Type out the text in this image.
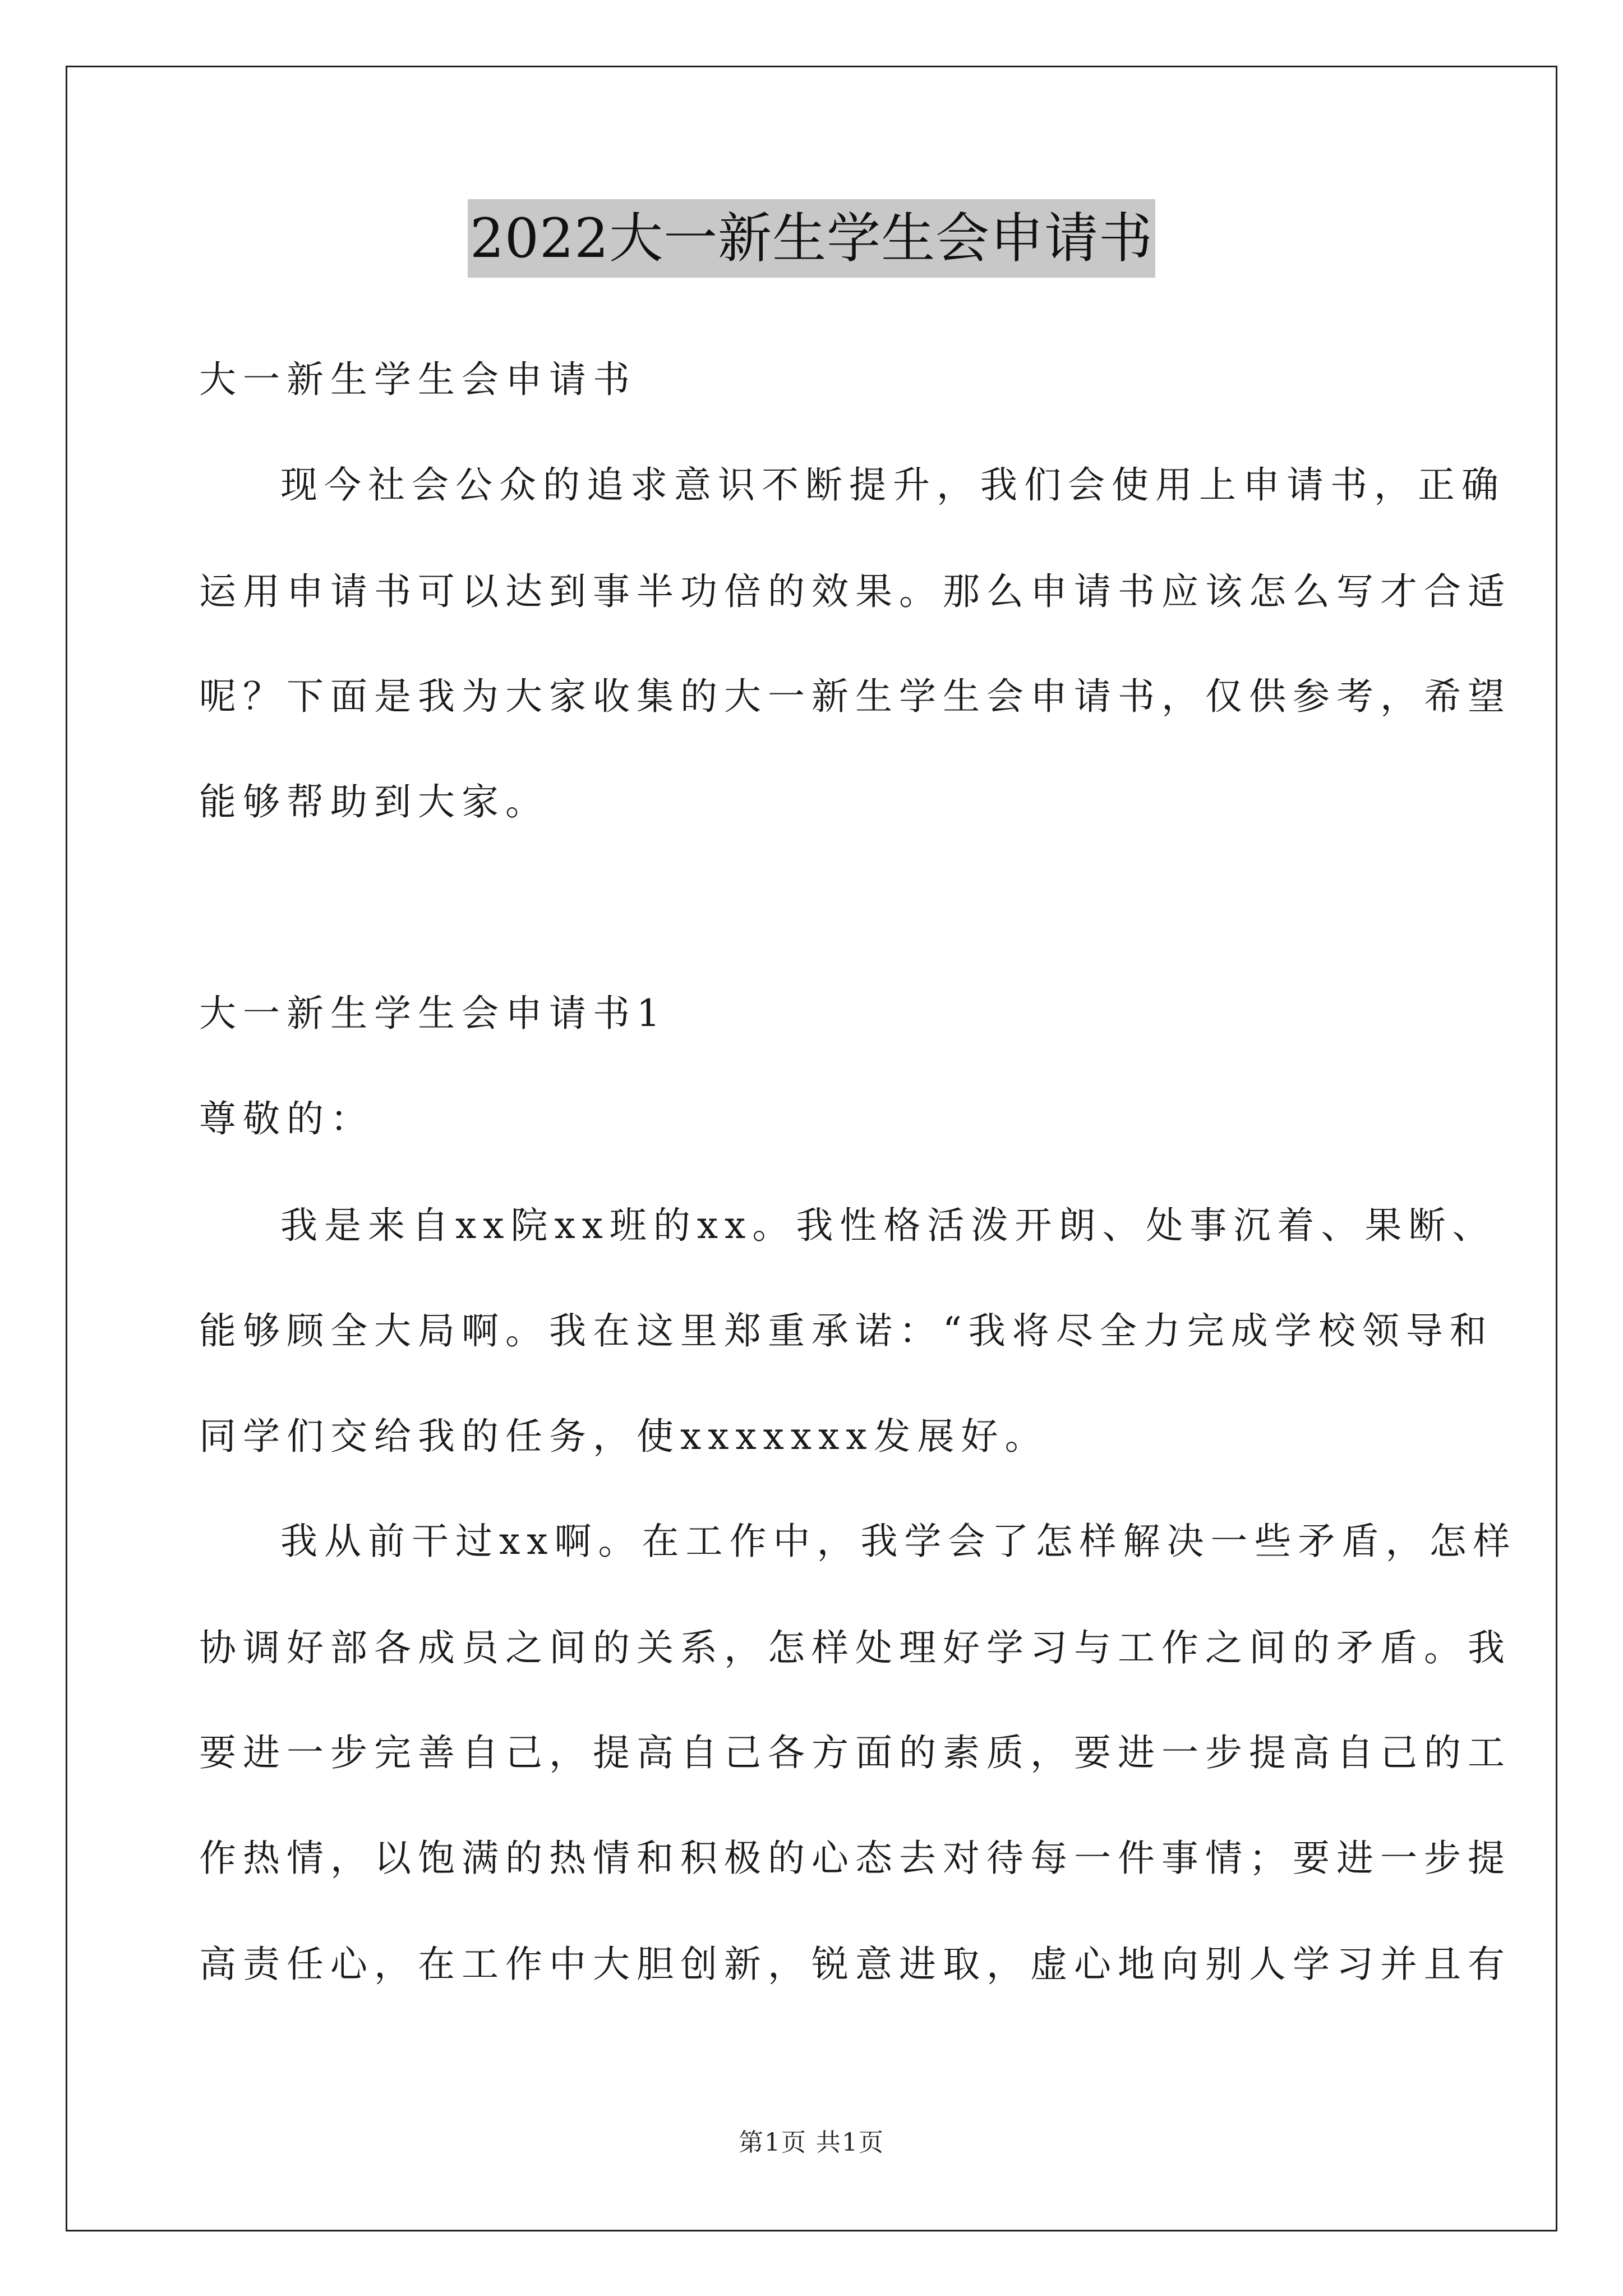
2022大一新生学生会申请书
大一新生学生会申请书
现今社会公众的追求意识不断提升，我们会使用上申请书，正确
运用申请书可以达到事半功倍的效果。那么申请书应该怎么写才合适
呢？下面是我为大家收集的大一新生学生会申请书，仅供参考，希望
能够帮助到大家。
大一新生学生会申请书1
尊敬的：
我是来自xx院xx班的xx。我性格活泼开朗、处事沉着、果断、
能够顾全大局啊。我在这里郑重承诺：“我将尽全力完成学校领导和
同学们交给我的任务，使xxxxxxx发展好。
我从前干过xx啊。在工作中，我学会了怎样解决一些矛盾，怎样
协调好部各成员之间的关系，怎样处理好学习与工作之间的矛盾。我
要进一步完善自己，提高自己各方面的素质，要进一步提高自己的工
作热情，以饱满的热情和积极的心态去对待每一件事情；要进一步提
高责任心，在工作中大胆创新，锐意进取，虚心地向别人学习并且有
第1页 共1页
